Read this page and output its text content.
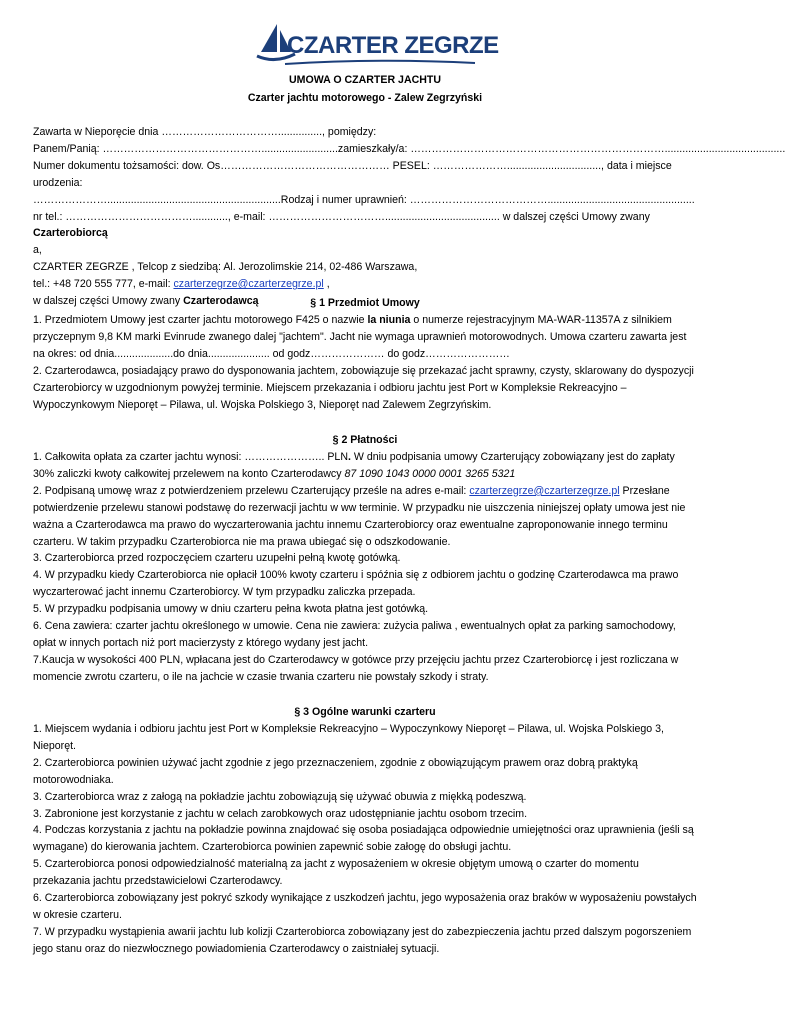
CZARTER ZEGRZE
UMOWA O CZARTER JACHTU
Czarter jachtu motorowego - Zalew Zegrzyński

Zawarta w Nieporęcie dnia ……………………………..............., pomiędzy:

Panem/Panią: ………………………………………..........................zamieszkały/a: ……………………………………………………………….........................................

Numer dokumentu tożsamości: dow. Os………………………………………… PESEL: …………………................................, data i miejsce urodzenia:

…………………...........................................................Rodzaj i numer uprawnień: …………………………………..................................................

nr tel.: ………………………………............, e-mail: ……………………………....................................... w dalszej części Umowy zwany Czarterobiorcą

a,

CZARTER ZEGRZE , Telcop z siedzibą: Al. Jerozolimskie 214, 02-486 Warszawa,

tel.: +48 720 555 777, e-mail: czarterzegrze@czarterzegrze.pl ,

w dalszej części Umowy zwany Czarterodawcą	§ 1 Przedmiot Umowy

1. Przedmiotem Umowy jest czarter jachtu motorowego F425 o nazwie la niunia o numerze rejestracyjnym MA-WAR-11357A z silnikiem przyczepnym 9,8 KM marki Evinrude zwanego dalej "jachtem". Jacht nie wymaga uprawnień motorowodnych. Umowa czarteru zawarta jest na okres: od dnia....................do dnia..................... od godz………………… do godz……………………

2. Czarterodawca, posiadający prawo do dysponowania jachtem, zobowiązuje się przekazać jacht sprawny, czysty, sklarowany do dyspozycji Czarterobiorcy w uzgodnionym powyżej terminie. Miejscem przekazania i odbioru jachtu jest Port w Kompleksie Rekreacyjno – Wypoczynkowym Nieporęt – Pilawa, ul. Wojska Polskiego 3, Nieporęt nad Zalewem Zegrzyńskim.

§ 2 Płatności

1. Całkowita opłata za czarter jachtu wynosi: ………………….. PLN. W dniu podpisania umowy Czarterujący zobowiązany jest do zapłaty 30% zaliczki kwoty całkowitej przelewem na konto Czarterodawcy 87 1090 1043 0000 0001 3265 5321

2. Podpisaną umowę wraz z potwierdzeniem przelewu Czarterujący prześle na adres e-mail: czarterzegrze@czarterzegrze.pl Przesłane potwierdzenie przelewu stanowi podstawę do rezerwacji jachtu w ww terminie. W przypadku nie uiszczenia niniejszej opłaty umowa jest nie ważna a Czarterodawca ma prawo do wyczarterowania jachtu innemu Czarterobiorcy oraz ewentualne zaproponowanie innego terminu czarteru. W takim przypadku Czarterobiorca nie ma prawa ubiegać się o odszkodowanie.

3. Czarterobiorca przed rozpoczęciem czarteru uzupełni pełną kwotę gotówką.

4. W przypadku kiedy Czarterobiorca nie opłacił 100% kwoty czarteru i spóźnia się z odbiorem jachtu o godzinę Czarterodawca ma prawo wyczarterować jacht innemu Czarterobiorcy. W tym przypadku zaliczka przepada.

5. W przypadku podpisania umowy w dniu czarteru pełna kwota płatna jest gotówką.

6. Cena zawiera: czarter jachtu określonego w umowie. Cena nie zawiera: zużycia paliwa , ewentualnych opłat za parking samochodowy, opłat w innych portach niż port macierzysty z którego wydany jest jacht.

7.Kaucja w wysokości 400 PLN, wpłacana jest do Czarterodawcy w gotówce przy przejęciu jachtu przez Czarterobiorcę i jest rozliczana w momencie zwrotu czarteru, o ile na jachcie w czasie trwania czarteru nie powstały szkody i straty.

§ 3 Ogólne warunki czarteru

1. Miejscem wydania i odbioru jachtu jest Port w Kompleksie Rekreacyjno – Wypoczynkowy Nieporęt – Pilawa, ul. Wojska Polskiego 3, Nieporęt.

2. Czarterobiorca powinien używać jacht zgodnie z jego przeznaczeniem, zgodnie z obowiązującym prawem oraz dobrą praktyką motorowodniaka.

3. Czarterobiorca wraz z załogą na pokładzie jachtu zobowiązują się używać obuwia z miękką podeszwą.

3. Zabronione jest korzystanie z jachtu w celach zarobkowych oraz udostępnianie jachtu osobom trzecim.

4. Podczas korzystania z jachtu na pokładzie powinna znajdować się osoba posiadająca odpowiednie umiejętności oraz uprawnienia (jeśli są wymagane) do kierowania jachtem. Czarterobiorca powinien zapewnić sobie załogę do obsługi jachtu.

5. Czarterobiorca ponosi odpowiedzialność materialną za jacht z wyposażeniem w okresie objętym umową o czarter do momentu przekazania jachtu przedstawicielowi Czarterodawcy.

6. Czarterobiorca zobowiązany jest pokryć szkody wynikające z uszkodzeń jachtu, jego wyposażenia oraz braków w wyposażeniu powstałych w okresie czarteru.

7. W przypadku wystąpienia awarii jachtu lub kolizji Czarterobiorca zobowiązany jest do zabezpieczenia jachtu przed dalszym pogorszeniem jego stanu oraz do niezwłocznego powiadomienia Czarterodawcy o zaistniałej sytuacji.
